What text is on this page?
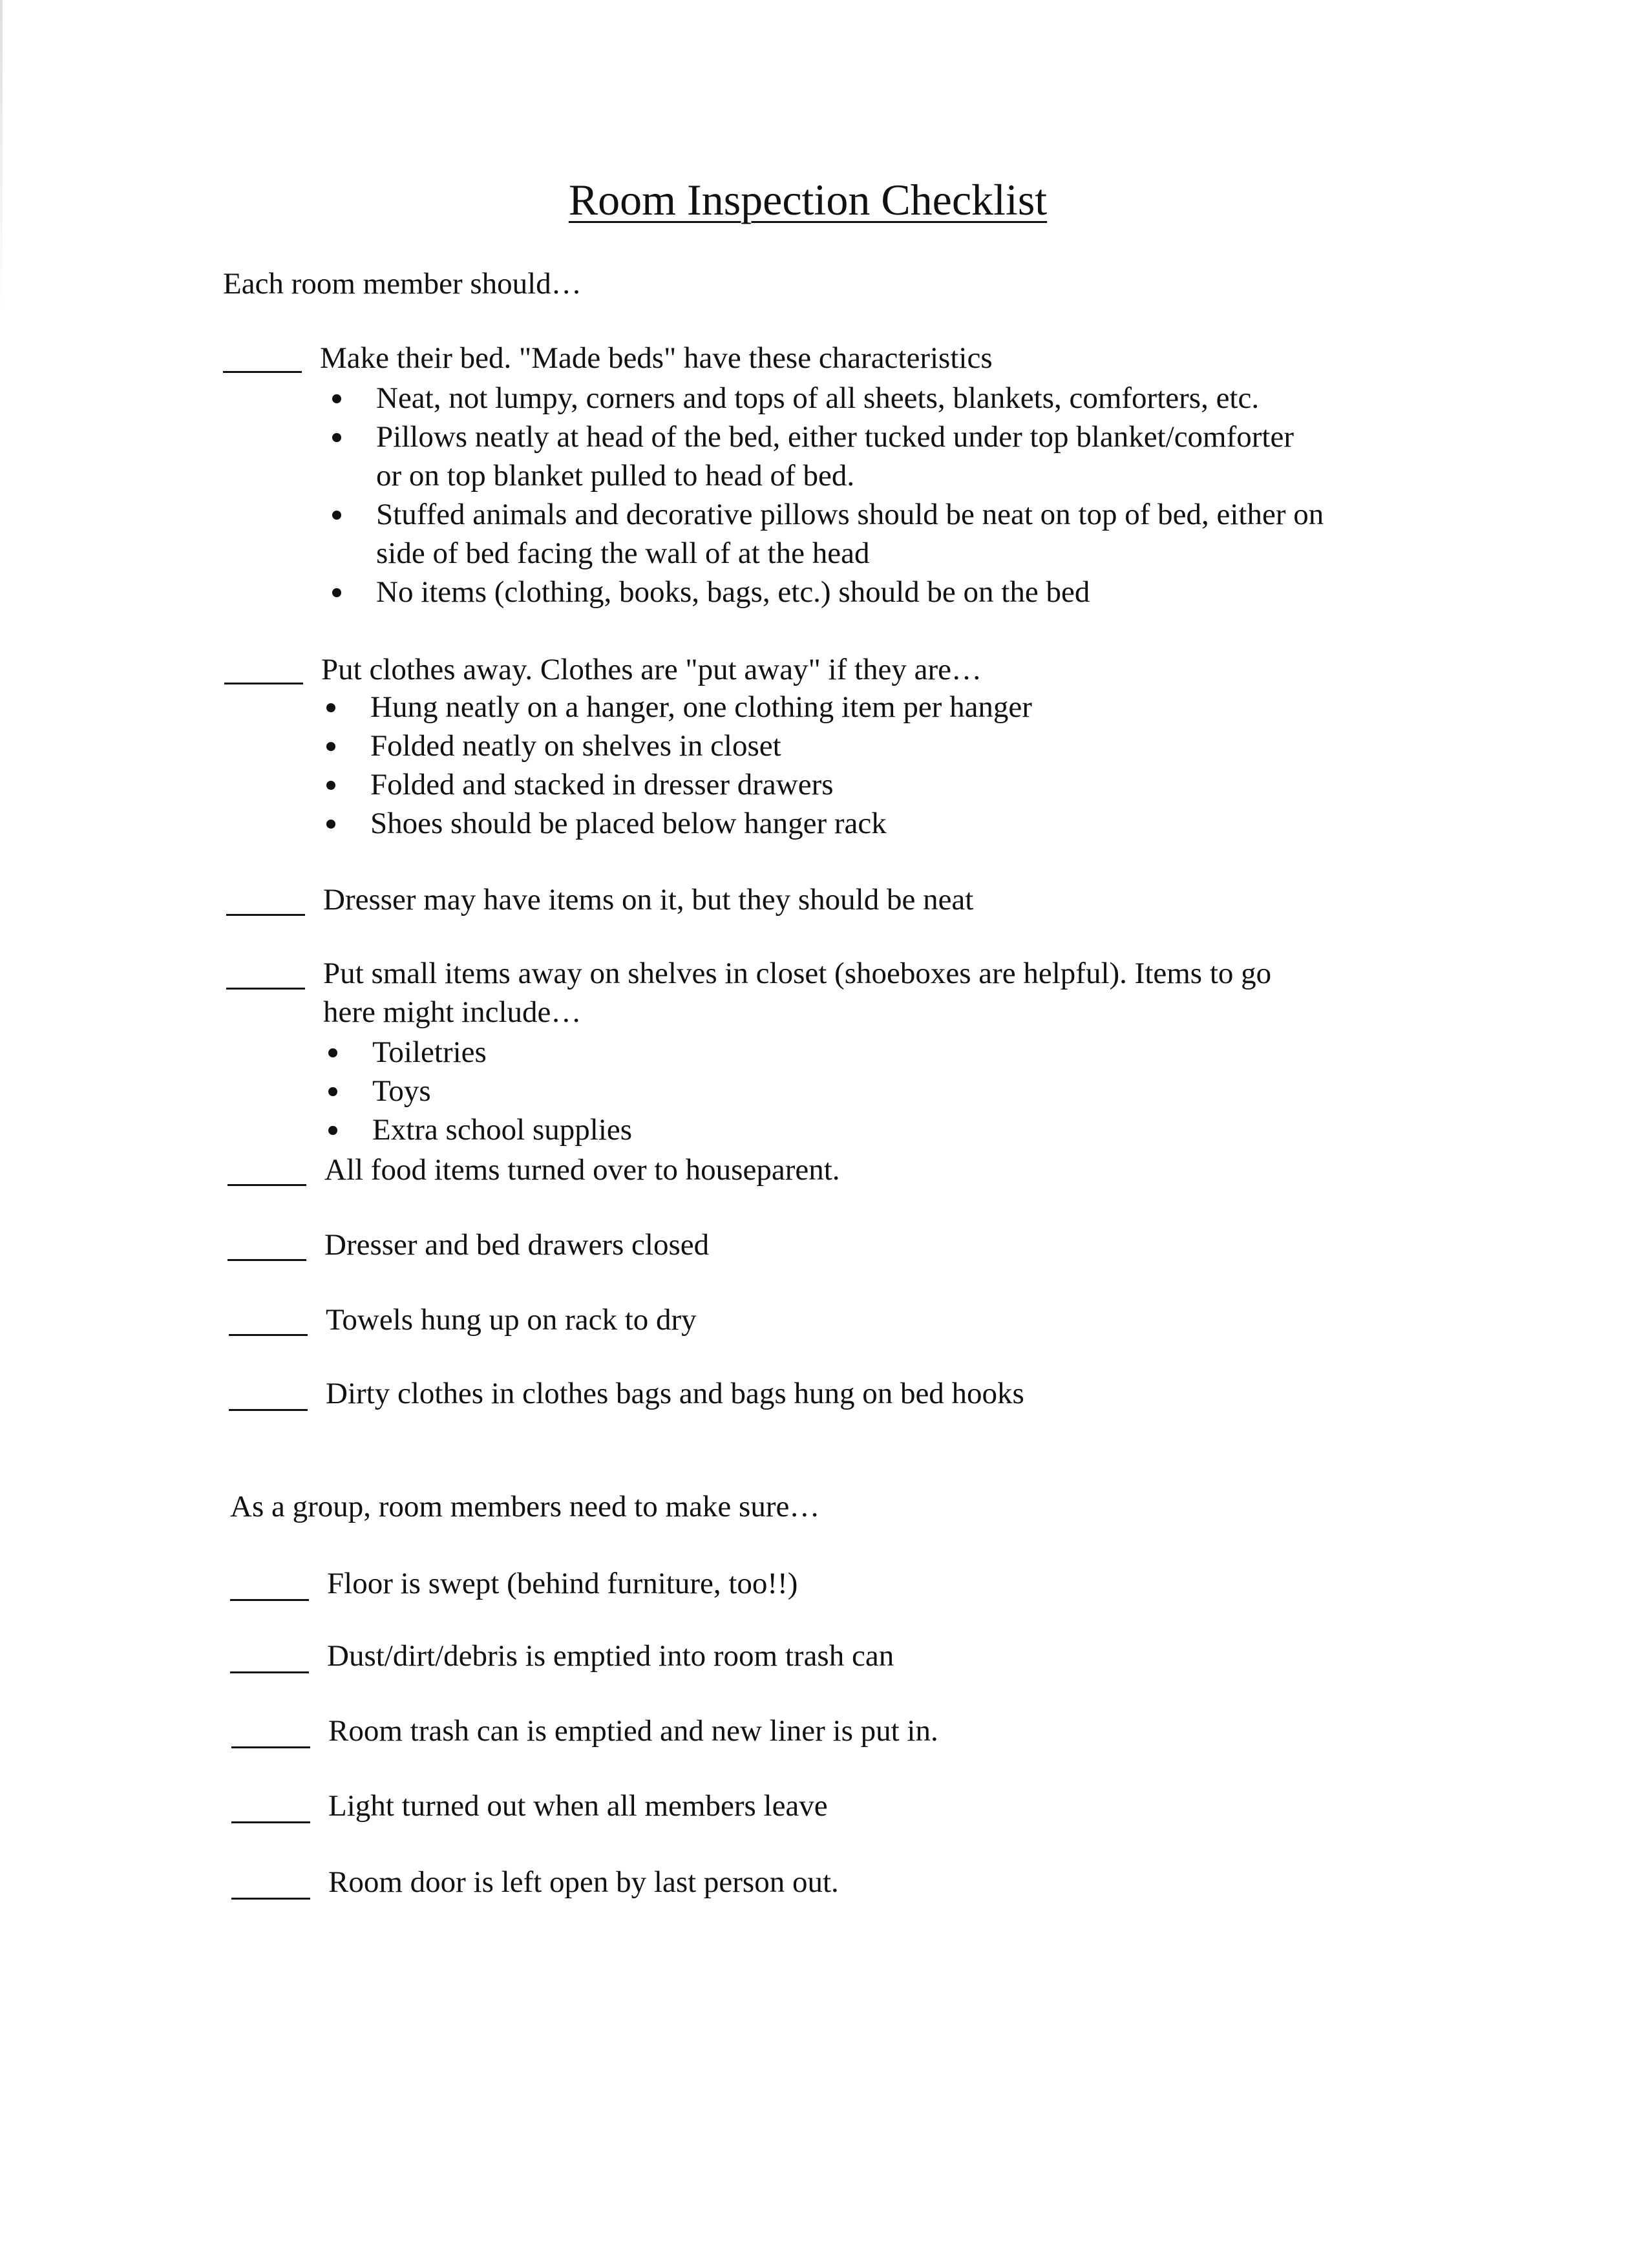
Room Inspection Checklist
Each room member should…
Make their bed. "Made beds" have these characteristics
Neat, not lumpy, corners and tops of all sheets, blankets, comforters, etc.
Pillows neatly at head of the bed, either tucked under top blanket/comforter
or on top blanket pulled to head of bed.
Stuffed animals and decorative pillows should be neat on top of bed, either on
side of bed facing the wall of at the head
No items (clothing, books, bags, etc.) should be on the bed
Put clothes away. Clothes are "put away" if they are…
Hung neatly on a hanger, one clothing item per hanger
Folded neatly on shelves in closet
Folded and stacked in dresser drawers
Shoes should be placed below hanger rack
Dresser may have items on it, but they should be neat
Put small items away on shelves in closet (shoeboxes are helpful). Items to go
here might include…
Toiletries
Toys
Extra school supplies
All food items turned over to houseparent.
Dresser and bed drawers closed
Towels hung up on rack to dry
Dirty clothes in clothes bags and bags hung on bed hooks
As a group, room members need to make sure…
Floor is swept (behind furniture, too!!)
Dust/dirt/debris is emptied into room trash can
Room trash can is emptied and new liner is put in.
Light turned out when all members leave
Room door is left open by last person out.
